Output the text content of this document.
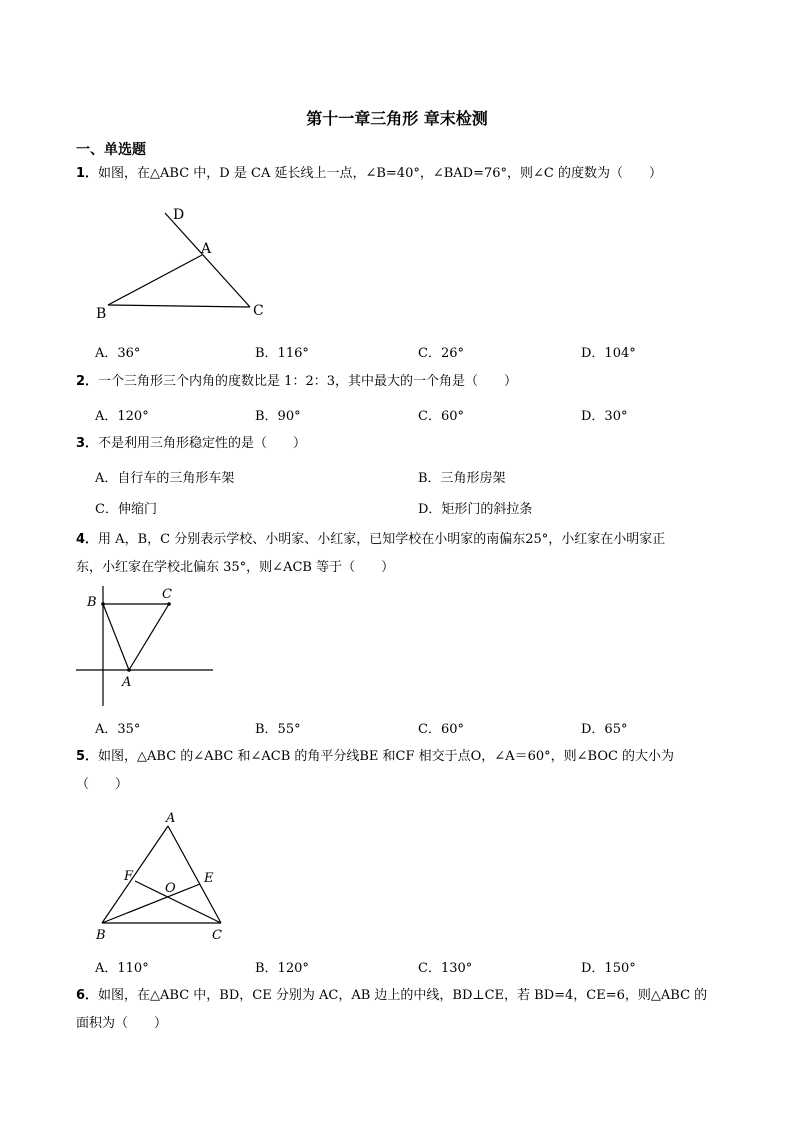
第十一章三角形 章末检测
一、单选题
1．如图，在△ABC 中，D 是 CA 延长线上一点，∠B=40°，∠BAD=76°，则∠C 的度数为（　　）
D
A
B	C
A．36°	B．116°	C．26°	D．104°
2．一个三角形三个内角的度数比是 1：2：3，其中最大的一个角是（　　）
A．120°	B．90°	C．60°	D．30°
3．不是利用三角形稳定性的是（　　）
A．自行车的三角形车架	B．三角形房架
C．伸缩门	D．矩形门的斜拉条
4．用 A，B，C 分别表示学校、小明家、小红家，已知学校在小明家的南偏东25°，小红家在小明家正
东，小红家在学校北偏东 35°，则∠ACB 等于（　　）
B
C
A
A．35°	B．55°	C．60°	D．65°
5．如图，△ABC 的∠ABC 和∠ACB 的角平分线BE 和CF 相交于点O，∠A＝60°，则∠BOC 的大小为
（　　）
A
F	E
O
B	C
A．110°	B．120°	C．130°	D．150°
6．如图，在△ABC 中，BD，CE 分别为 AC，AB 边上的中线，BD⊥CE，若 BD=4，CE=6，则△ABC 的
面积为（　　）
